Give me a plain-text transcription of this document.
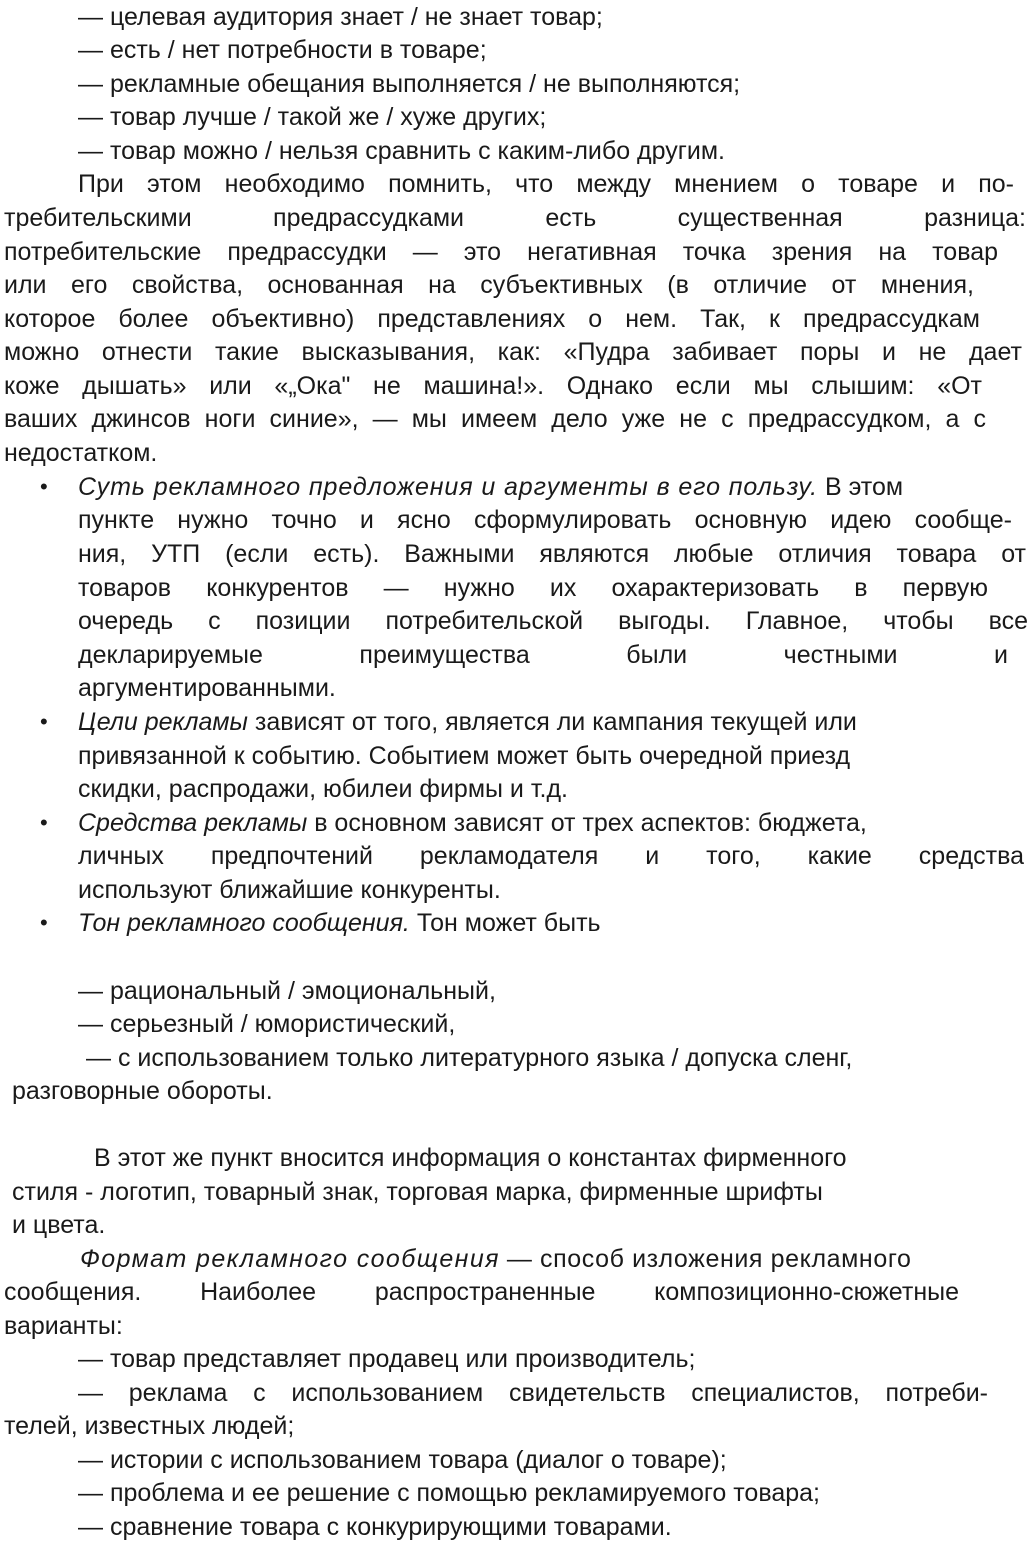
— целевая аудитория знает / не знает товар;
— есть / нет потребности в товаре;
— рекламные обещания выполняется / не выполняются;
— товар лучше / такой же / хуже других;
— товар можно / нельзя сравнить с каким-либо другим.
При этом необходимо помнить, что между мнением о товаре и по-
требительскими предрассудками есть существенная разница:
потребительские предрассудки — это негативная точка зрения на товар
или его свойства, основанная на субъективных (в отличие от мнения,
которое более объективно) представлениях о нем. Так, к предрассудкам
можно отнести такие высказывания, как: «Пудра забивает поры и не дает
коже дышать» или «„Ока" не машина!». Однако если мы слышим: «От
ваших джинсов ноги синие», — мы имеем дело уже не с предрассудком, а с
недостатком.
• Суть рекламного предложения и аргументы в его пользу. В этом
пункте нужно точно и ясно сформулировать основную идею сообще-
ния, УТП (если есть). Важными являются любые отличия товара от
товаров конкурентов — нужно их охарактеризовать в первую
очередь с позиции потребительской выгоды. Главное, чтобы все
декларируемые преимущества были честными и
аргументированными.
• Цели рекламы зависят от того, является ли кампания текущей или
привязанной к событию. Событием может быть очередной приезд
скидки, распродажи, юбилеи фирмы и т.д.
• Средства рекламы в основном зависят от трех аспектов: бюджета,
личных предпочтений рекламодателя и того, какие средства
используют ближайшие конкуренты.
• Тон рекламного сообщения. Тон может быть
— рациональный / эмоциональный,
— серьезный / юмористический,
— с использованием только литературного языка / допуска сленг,
разговорные обороты.
В этот же пункт вносится информация о константах фирменного
стиля - логотип, товарный знак, торговая марка, фирменные шрифты
и цвета.
Формат рекламного сообщения — способ изложения рекламного
сообщения. Наиболее распространенные композиционно-сюжетные
варианты:
— товар представляет продавец или производитель;
— реклама с использованием свидетельств специалистов, потреби-
телей, известных людей;
— истории с использованием товара (диалог о товаре);
— проблема и ее решение с помощью рекламируемого товара;
— сравнение товара с конкурирующими товарами.
